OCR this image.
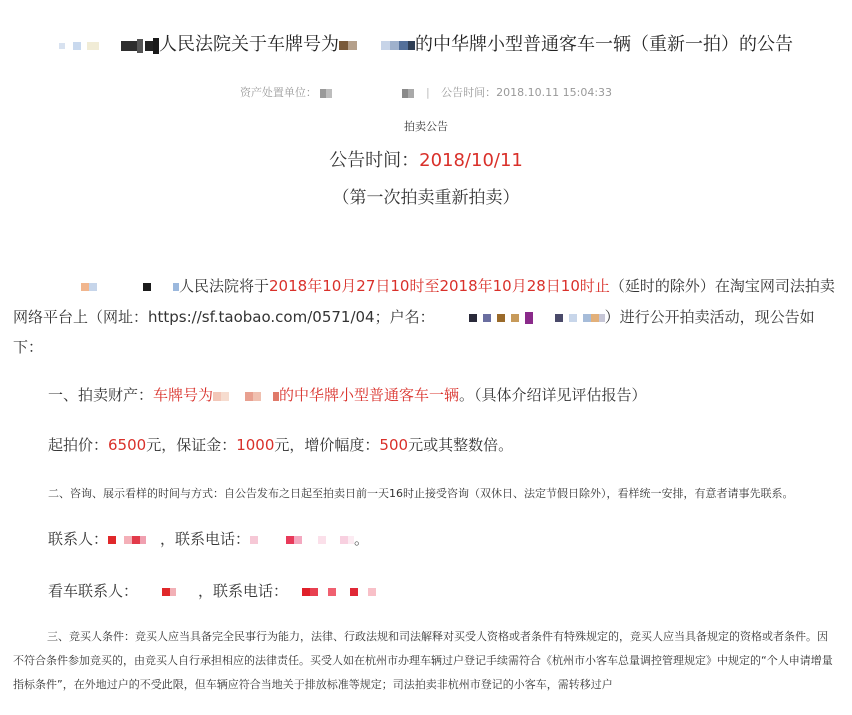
人民法院关于车牌号为	的中华牌小型普通客车一辆（重新一拍）的公告
资产处置单位：	| 公告时间：2018.10.11 15:04:33
拍卖公告
公告时间：2018/10/11
（第一次拍卖重新拍卖）
人民法院将于2018年10月27日10时至2018年10月28日10时止（延时的除外）在淘宝网司法拍卖网络平台上（网址：https://sf.taobao.com/0571/04；户名：	）进行公开拍卖活动，现公告如下：
一、拍卖财产：车牌号为	的中华牌小型普通客车一辆。（具体介绍详见评估报告）
起拍价：6500元，保证金：1000元，增价幅度：500元或其整数倍。
二、咨询、展示看样的时间与方式：自公告发布之日起至拍卖日前一天16时止接受咨询（双休日、法定节假日除外），看样统一安排，有意者请事先联系。
联系人：	，联系电话：	。
看车联系人：	，联系电话：
三、竞买人条件：竞买人应当具备完全民事行为能力，法律、行政法规和司法解释对买受人资格或者条件有特殊规定的，竞买人应当具备规定的资格或者条件。因不符合条件参加竞买的，由竞买人自行承担相应的法律责任。买受人如在杭州市办理车辆过户登记手续需符合《杭州市小客车总量调控管理规定》中规定的“个人申请增量指标条件”，在外地过户的不受此限，但车辆应符合当地关于排放标准等规定；司法拍卖非杭州市登记的小客车，需转移过户
